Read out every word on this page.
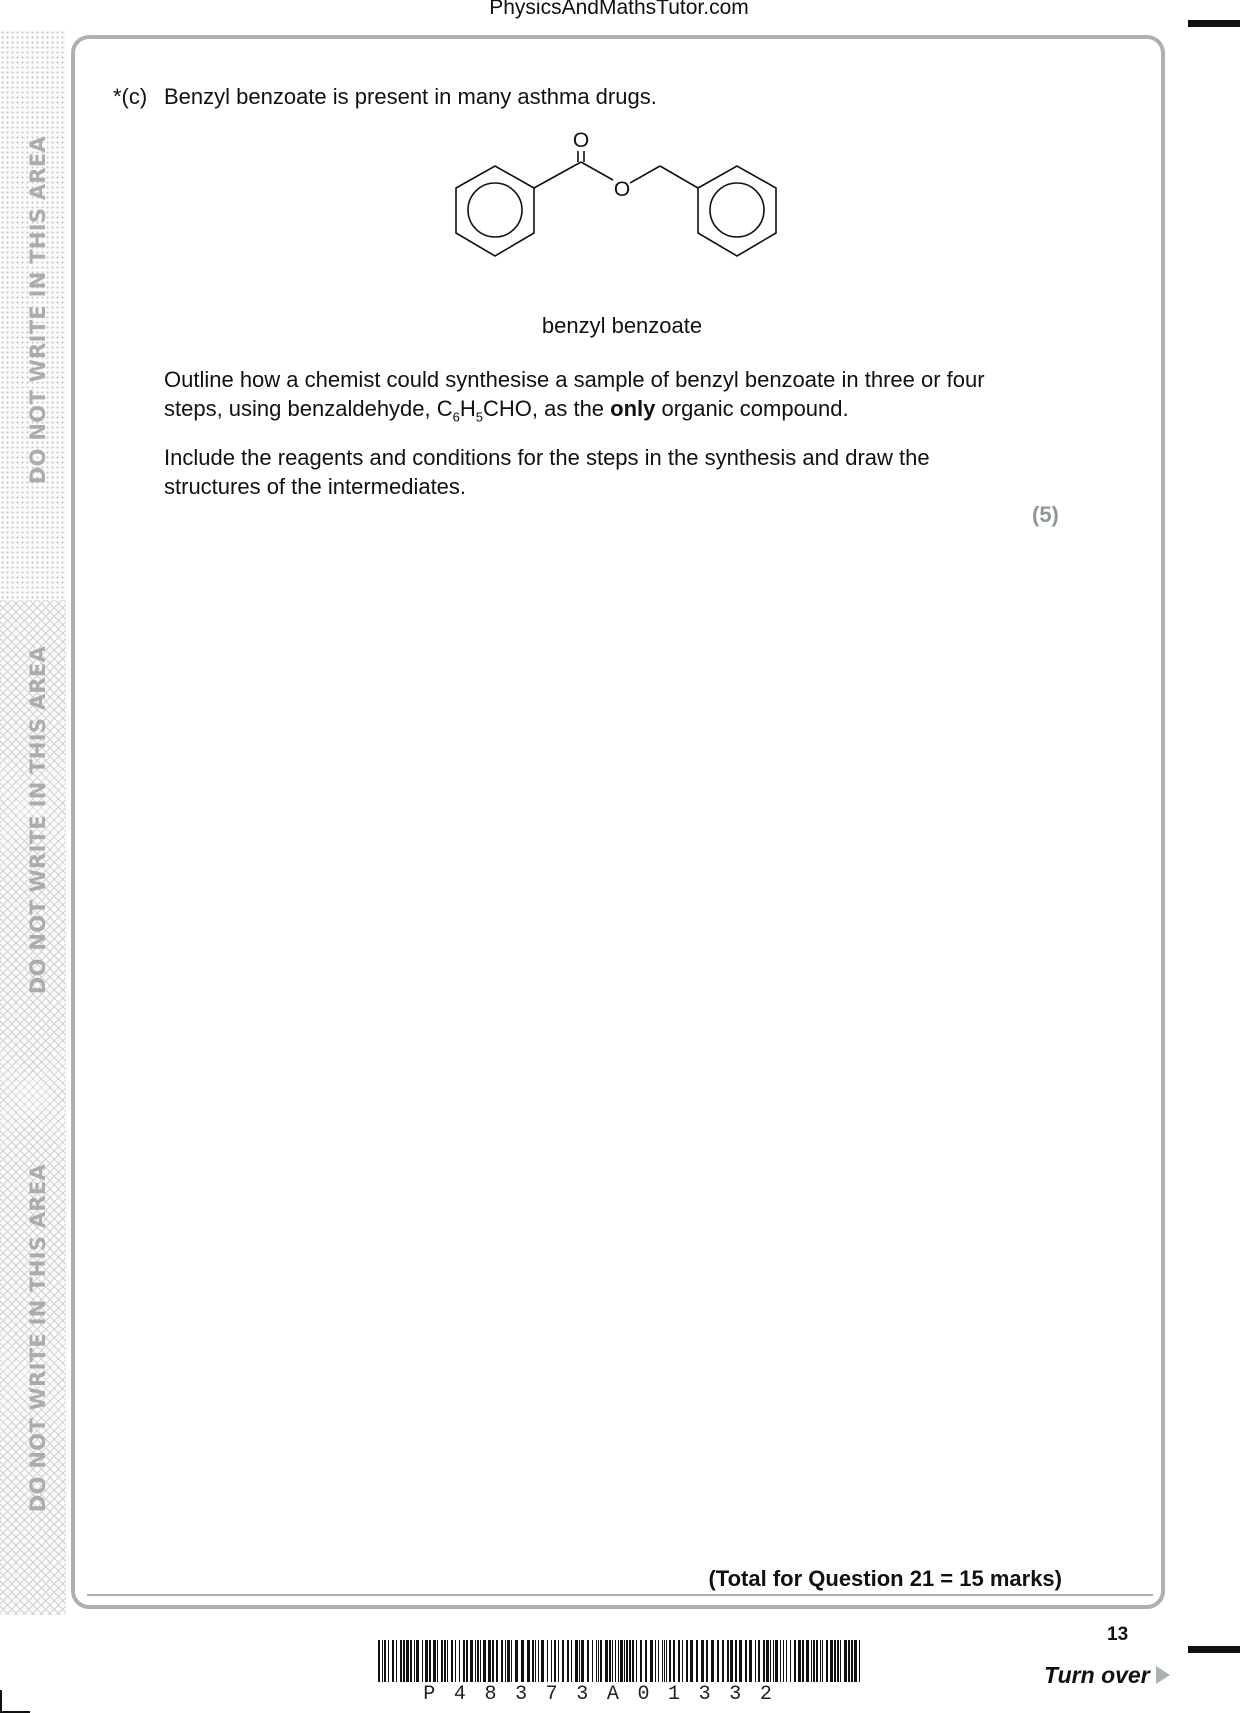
PhysicsAndMathsTutor.com
DO NOT WRITE IN THIS AREA
DO NOT WRITE IN THIS AREA
DO NOT WRITE IN THIS AREA
*(c) Benzyl benzoate is present in many asthma drugs.
O
O
benzyl benzoate
Outline how a chemist could synthesise a sample of benzyl benzoate in three or four steps, using benzaldehyde, $C_6H_5CHO$, as the only organic compound.
Include the reagents and conditions for the steps in the synthesis and draw the structures of the intermediates.
(5)
(Total for Question 21 = 15 marks)
13
Turn over
P 4 8 3 7 3 A 0 1 3 3 2
